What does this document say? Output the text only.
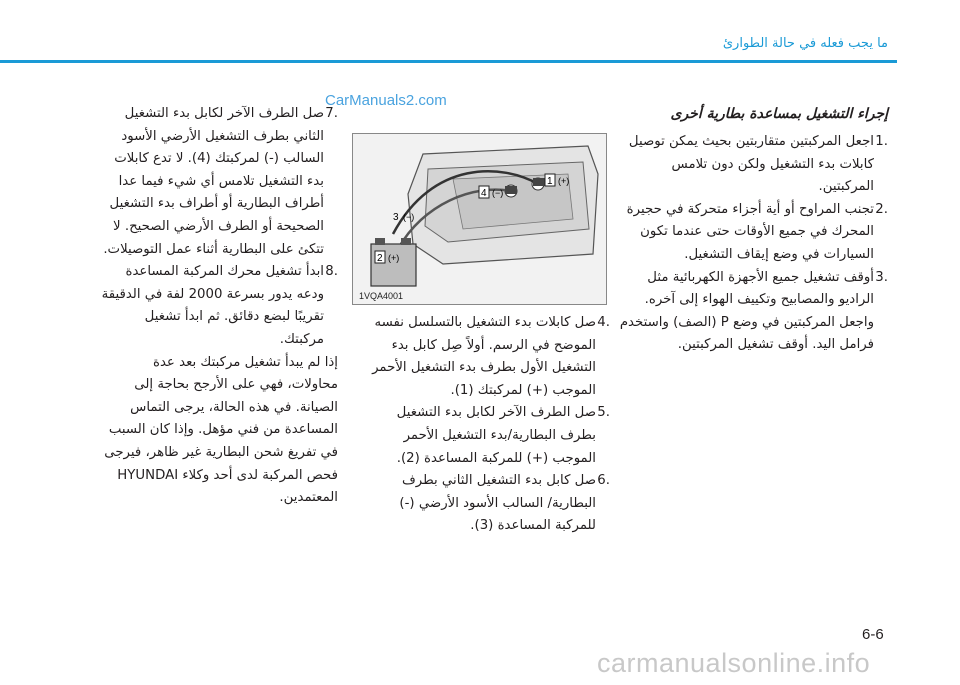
ما يجب فعله في حالة الطوارئ
CarManuals2.com
إجراء التشغيل بمساعدة بطارية أخرى
.1
اجعل المركبتين متقاربتين بحيث يمكن توصيل كابلات بدء التشغيل ولكن دون تلامس المركبتين.
.2
تجنب المراوح أو أية أجزاء متحركة في حجيرة المحرك في جميع الأوقات حتى عندما تكون السيارات في وضع إيقاف التشغيل.
.3
أوقف تشغيل جميع الأجهزة الكهربائية مثل الراديو والمصابيح وتكييف الهواء إلى آخره. واجعل المركبتين في وضع P (الصف) واستخدم فرامل اليد. أوقف تشغيل المركبتين.
1 (+)
2 (+)
3 (−)
4 (−)
1VQA4001
.4
صل كابلات بدء التشغيل بالتسلسل نفسه الموضح في الرسم. أولاً صِل كابل بدء التشغيل الأول بطرف بدء التشغيل الأحمر الموجب (+) لمركبتك (1).
.5
صل الطرف الآخر لكابل بدء التشغيل بطرف البطارية/بدء التشغيل الأحمر الموجب (+) للمركبة المساعدة (2).
.6
صل كابل بدء التشغيل الثاني بطرف البطارية/ السالب الأسود الأرضي (-) للمركبة المساعدة (3).
.7
صل الطرف الآخر لكابل بدء التشغيل الثاني بطرف التشغيل الأرضي الأسود السالب (-) لمركبتك (4). لا تدع كابلات بدء التشغيل تلامس أي شيء فيما عدا أطراف البطارية أو أطراف بدء التشغيل الصحيحة أو الطرف الأرضي الصحيح. لا تتكئ على البطارية أثناء عمل التوصيلات.
.8
ابدأ تشغيل محرك المركبة المساعدة ودعه يدور بسرعة 2000 لفة في الدقيقة تقريبًا لبضع دقائق. ثم ابدأ تشغيل مركبتك.
إذا لم يبدأ تشغيل مركبتك بعد عدة محاولات، فهي على الأرجح بحاجة إلى الصيانة. في هذه الحالة، يرجى التماس المساعدة من فني مؤهل. وإذا كان السبب في تفريغ شحن البطارية غير ظاهر، فيرجى فحص المركبة لدى أحد وكلاء HYUNDAI المعتمدين.
6-6
carmanualsonline.info
